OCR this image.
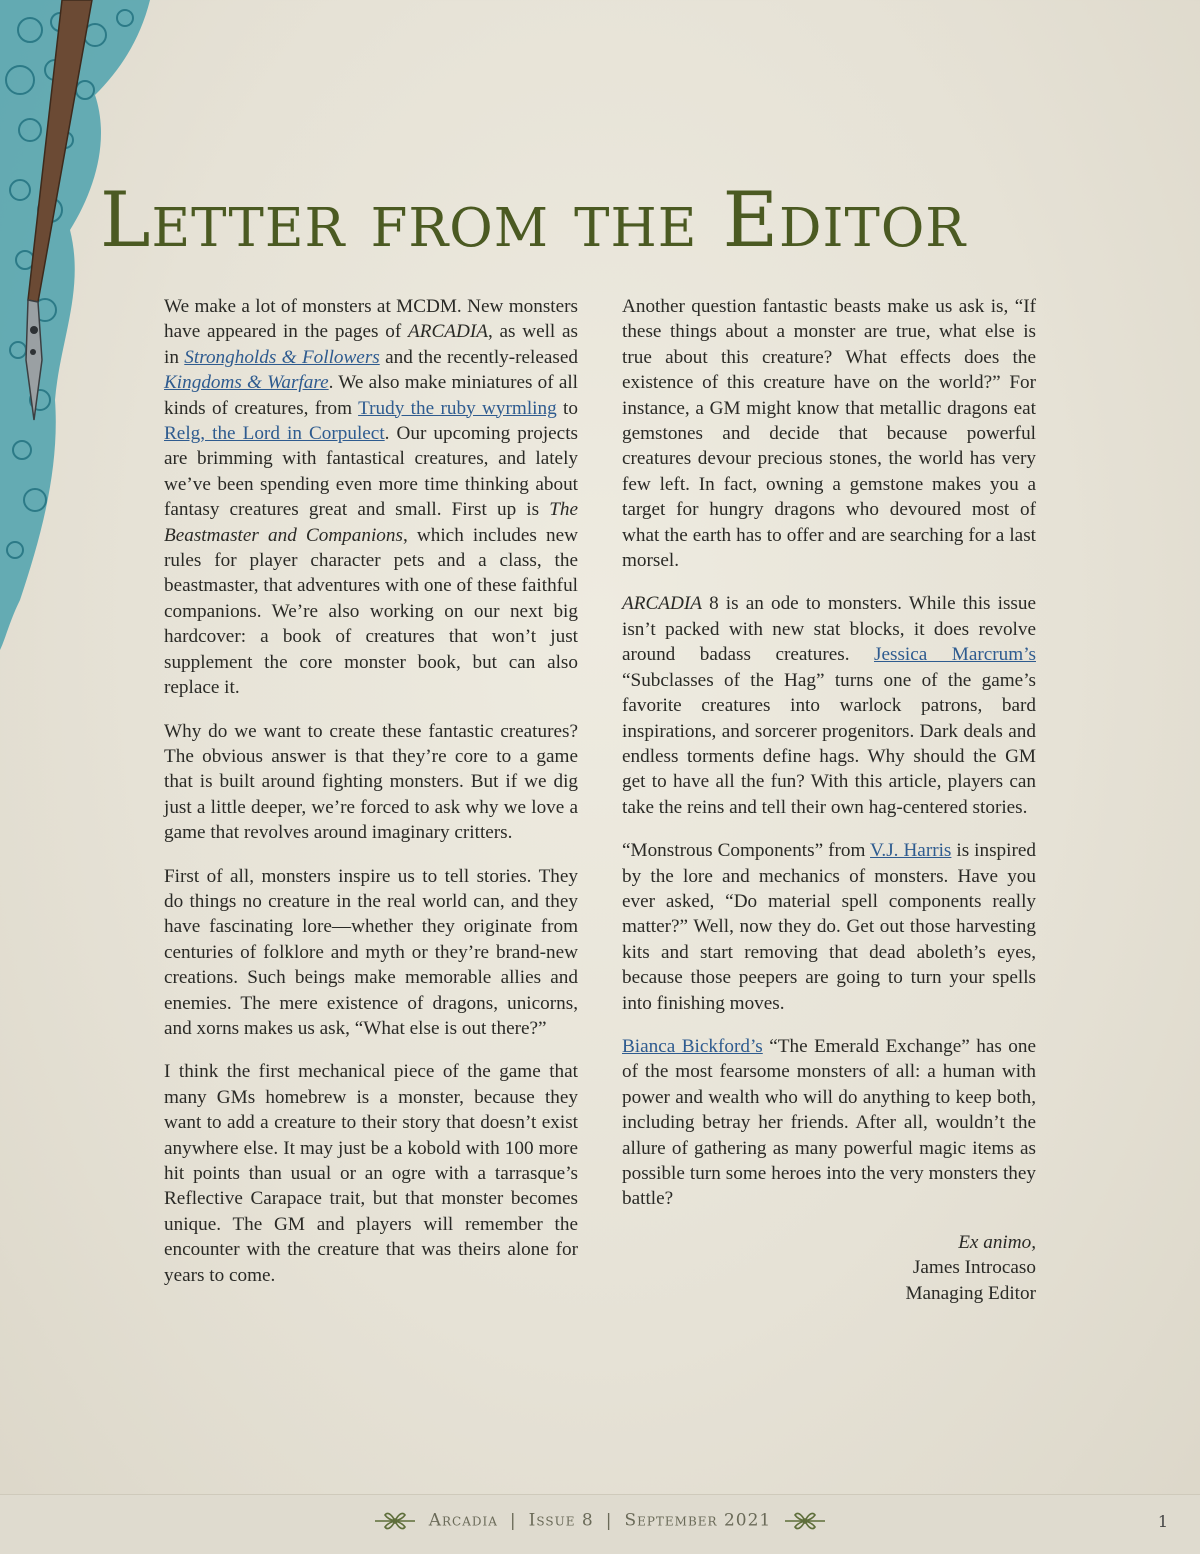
Letter from the Editor

We make a lot of monsters at MCDM. New monsters have appeared in the pages of ARCADIA, as well as in Strongholds & Followers and the recently-released Kingdoms & Warfare. We also make miniatures of all kinds of creatures, from Trudy the ruby wyrmling to Relg, the Lord in Corpulect. Our upcoming projects are brimming with fantastical creatures, and lately we’ve been spending even more time thinking about fantasy creatures great and small. First up is The Beastmaster and Companions, which includes new rules for player character pets and a class, the beastmaster, that adventures with one of these faithful companions. We’re also working on our next big hardcover: a book of creatures that won’t just supplement the core monster book, but can also replace it.

Why do we want to create these fantastic creatures? The obvious answer is that they’re core to a game that is built around fighting monsters. But if we dig just a little deeper, we’re forced to ask why we love a game that revolves around imaginary critters.

First of all, monsters inspire us to tell stories. They do things no creature in the real world can, and they have fascinating lore—whether they originate from centuries of folklore and myth or they’re brand-new creations. Such beings make memorable allies and enemies. The mere existence of dragons, unicorns, and xorns makes us ask, “What else is out there?”

I think the first mechanical piece of the game that many GMs homebrew is a monster, because they want to add a creature to their story that doesn’t exist anywhere else. It may just be a kobold with 100 more hit points than usual or an ogre with a tarrasque’s Reflective Carapace trait, but that monster becomes unique. The GM and players will remember the encounter with the creature that was theirs alone for years to come.

Another question fantastic beasts make us ask is, “If these things about a monster are true, what else is true about this creature? What effects does the existence of this creature have on the world?” For instance, a GM might know that metallic dragons eat gemstones and decide that because powerful creatures devour precious stones, the world has very few left. In fact, owning a gemstone makes you a target for hungry dragons who devoured most of what the earth has to offer and are searching for a last morsel.

ARCADIA 8 is an ode to monsters. While this issue isn’t packed with new stat blocks, it does revolve around badass creatures. Jessica Marcrum’s “Subclasses of the Hag” turns one of the game’s favorite creatures into warlock patrons, bard inspirations, and sorcerer progenitors. Dark deals and endless torments define hags. Why should the GM get to have all the fun? With this article, players can take the reins and tell their own hag-centered stories.

“Monstrous Components” from V.J. Harris is inspired by the lore and mechanics of monsters. Have you ever asked, “Do material spell components really matter?” Well, now they do. Get out those harvesting kits and start removing that dead aboleth’s eyes, because those peepers are going to turn your spells into finishing moves.

Bianca Bickford’s “The Emerald Exchange” has one of the most fearsome monsters of all: a human with power and wealth who will do anything to keep both, including betray her friends. After all, wouldn’t the allure of gathering as many powerful magic items as possible turn some heroes into the very monsters they battle?

Ex animo,
James Introcaso
Managing Editor
Arcadia | Issue 8 | September 2021	1
